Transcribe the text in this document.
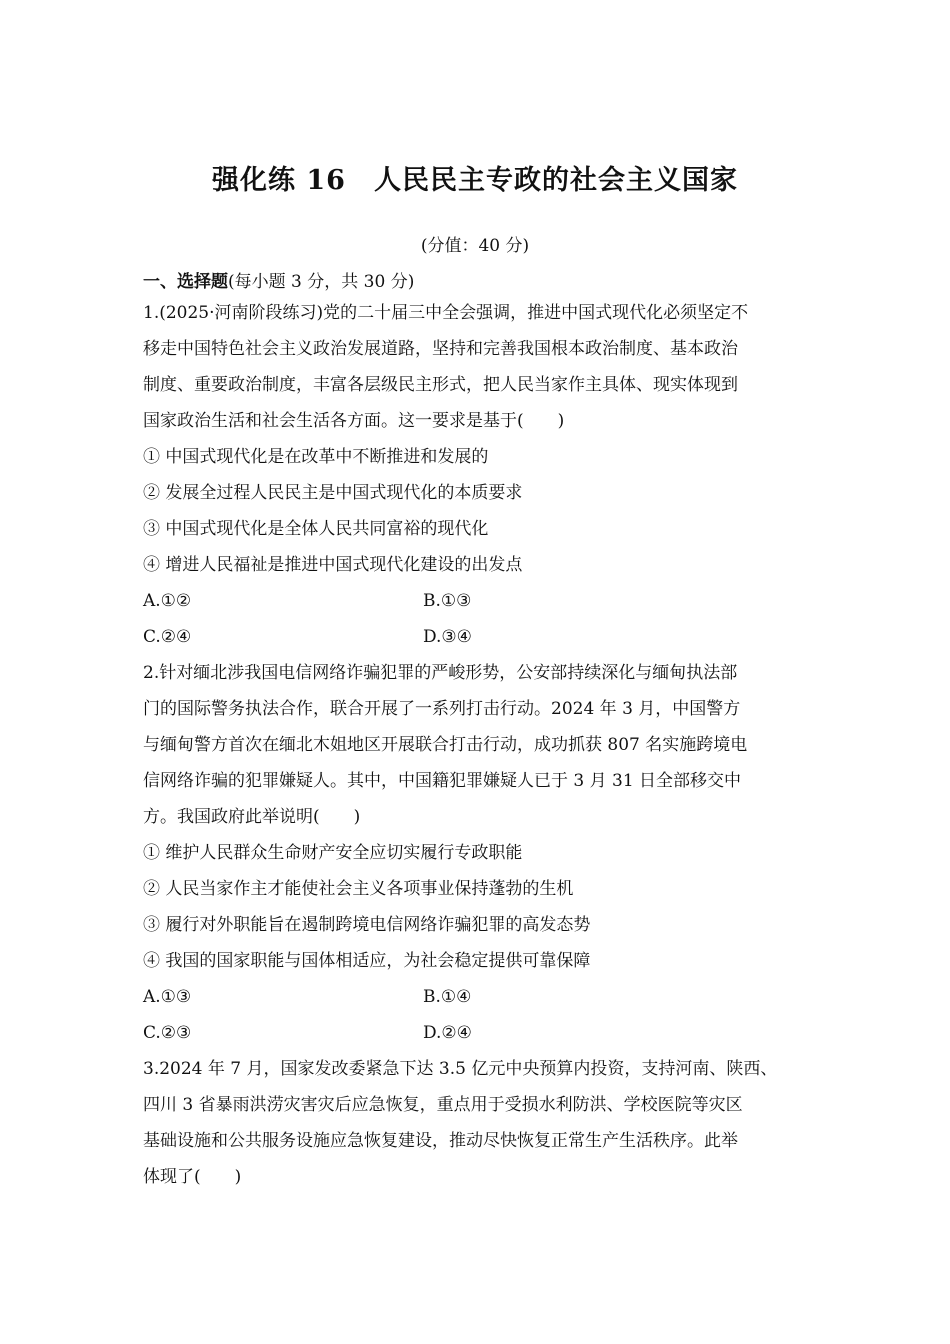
强化练 16　人民民主专政的社会主义国家
(分值：40 分)
一、选择题(每小题 3 分，共 30 分)
1.(2025·河南阶段练习)党的二十届三中全会强调，推进中国式现代化必须坚定不
移走中国特色社会主义政治发展道路，坚持和完善我国根本政治制度、基本政治
制度、重要政治制度，丰富各层级民主形式，把人民当家作主具体、现实体现到
国家政治生活和社会生活各方面。这一要求是基于(　　)
① 中国式现代化是在改革中不断推进和发展的
② 发展全过程人民民主是中国式现代化的本质要求
③ 中国式现代化是全体人民共同富裕的现代化
④ 增进人民福祉是推进中国式现代化建设的出发点
A.①②	B.①③
C.②④	D.③④
2.针对缅北涉我国电信网络诈骗犯罪的严峻形势，公安部持续深化与缅甸执法部
门的国际警务执法合作，联合开展了一系列打击行动。2024 年 3 月，中国警方
与缅甸警方首次在缅北木姐地区开展联合打击行动，成功抓获 807 名实施跨境电
信网络诈骗的犯罪嫌疑人。其中，中国籍犯罪嫌疑人已于 3 月 31 日全部移交中
方。我国政府此举说明(　　)
① 维护人民群众生命财产安全应切实履行专政职能
② 人民当家作主才能使社会主义各项事业保持蓬勃的生机
③ 履行对外职能旨在遏制跨境电信网络诈骗犯罪的高发态势
④ 我国的国家职能与国体相适应，为社会稳定提供可靠保障
A.①③	B.①④
C.②③	D.②④
3.2024 年 7 月，国家发改委紧急下达 3.5 亿元中央预算内投资，支持河南、陕西、
四川 3 省暴雨洪涝灾害灾后应急恢复，重点用于受损水利防洪、学校医院等灾区
基础设施和公共服务设施应急恢复建设，推动尽快恢复正常生产生活秩序。此举
体现了(　　)
